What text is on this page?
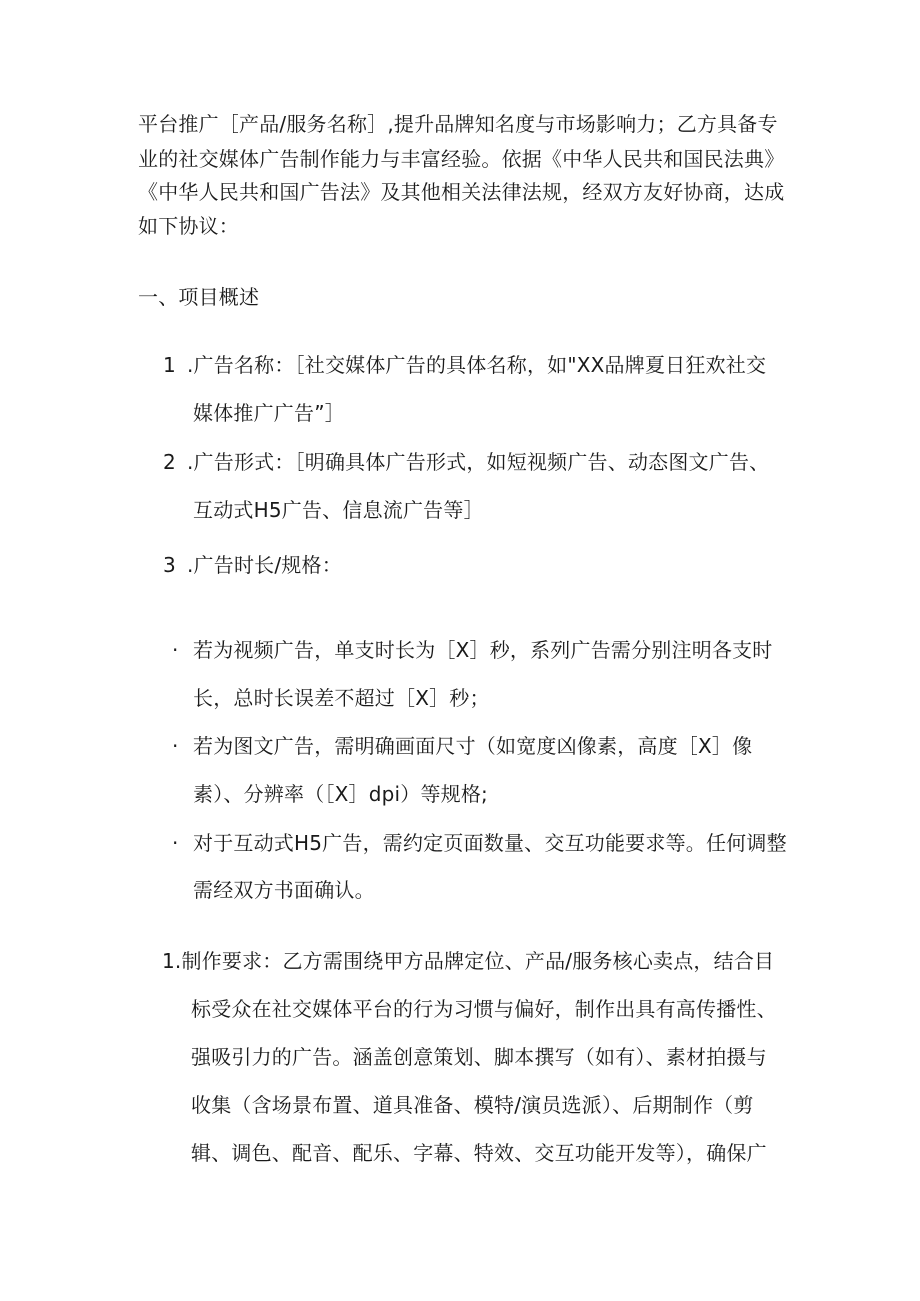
平台推广［产品/服务名称］,提升品牌知名度与市场影响力；乙方具备专
业的社交媒体广告制作能力与丰富经验。依据《中华人民共和国民法典》
《中华人民共和国广告法》及其他相关法律法规，经双方友好协商，达成
如下协议：
一、项目概述
1 .广告名称：［社交媒体广告的具体名称，如"XX品牌夏日狂欢社交
媒体推广广告”］
2 .广告形式：［明确具体广告形式，如短视频广告、动态图文广告、
互动式H5广告、信息流广告等］
3 .广告时长/规格：
· 若为视频广告，单支时长为［X］秒，系列广告需分别注明各支时
长，总时长误差不超过［X］秒；
· 若为图文广告，需明确画面尺寸（如宽度凶像素，高度［X］像
素）、分辨率（［X］dpi）等规格;
· 对于互动式H5广告，需约定页面数量、交互功能要求等。任何调整
需经双方书面确认。
1.制作要求：乙方需围绕甲方品牌定位、产品/服务核心卖点，结合目
标受众在社交媒体平台的行为习惯与偏好，制作出具有高传播性、
强吸引力的广告。涵盖创意策划、脚本撰写（如有）、素材拍摄与
收集（含场景布置、道具准备、模特/演员选派）、后期制作（剪
辑、调色、配音、配乐、字幕、特效、交互功能开发等），确保广
